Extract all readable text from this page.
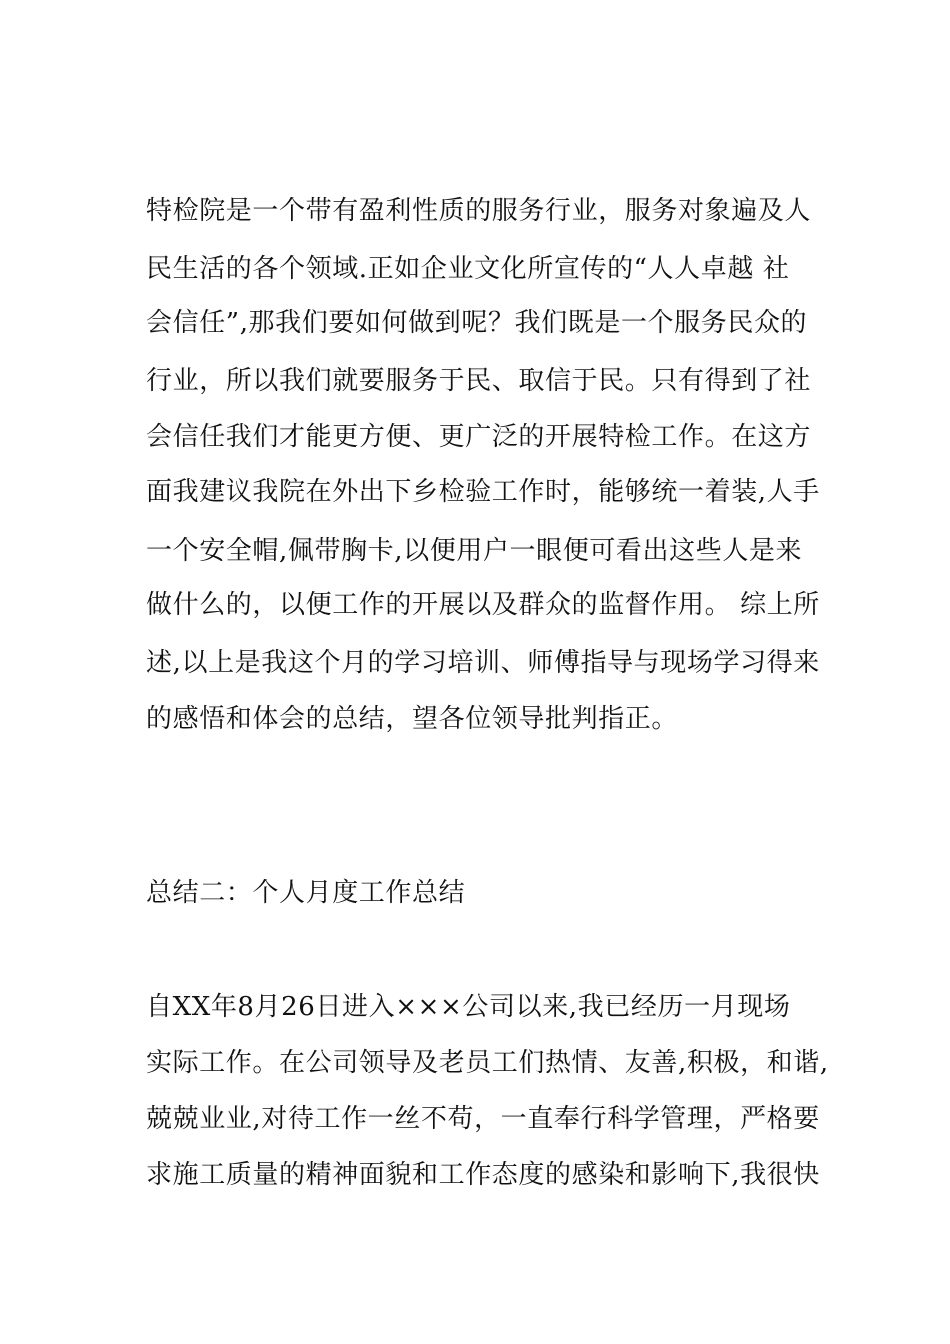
特检院是一个带有盈利性质的服务行业，服务对象遍及人
民生活的各个领域.正如企业文化所宣传的“人人卓越 社
会信任”,那我们要如何做到呢？我们既是一个服务民众的
行业，所以我们就要服务于民、取信于民。只有得到了社
会信任我们才能更方便、更广泛的开展特检工作。在这方
面我建议我院在外出下乡检验工作时，能够统一着装,人手
一个安全帽,佩带胸卡,以便用户一眼便可看出这些人是来
做什么的，以便工作的开展以及群众的监督作用。 综上所
述,以上是我这个月的学习培训、师傅指导与现场学习得来
的感悟和体会的总结，望各位领导批判指正。
总结二：个人月度工作总结
自XX年8月26日进入×××公司以来,我已经历一月现场
实际工作。在公司领导及老员工们热情、友善,积极，和谐,
兢兢业业,对待工作一丝不苟，一直奉行科学管理，严格要
求施工质量的精神面貌和工作态度的感染和影响下,我很快
